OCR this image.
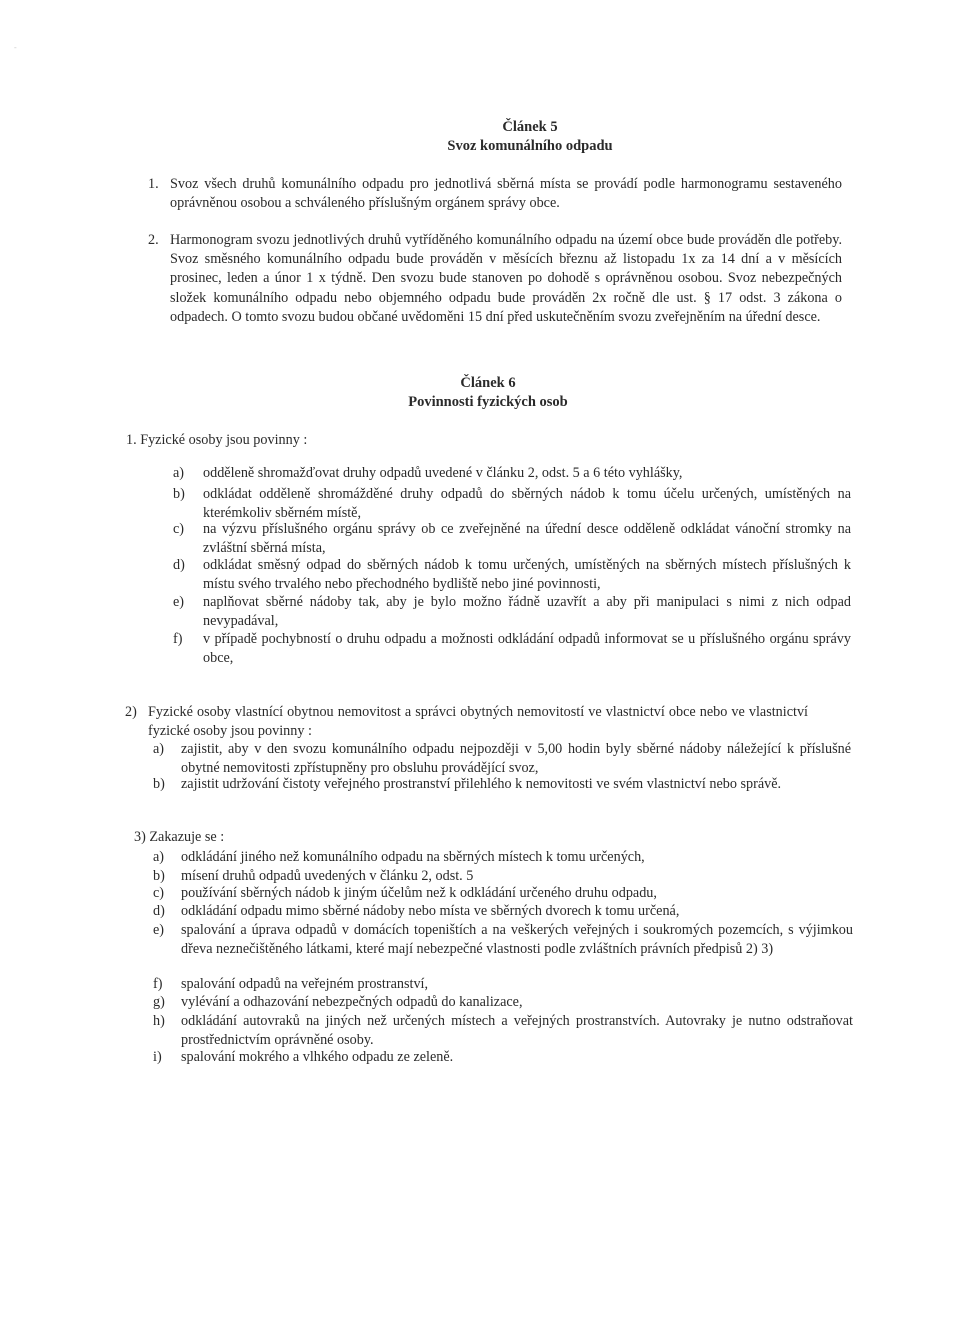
-
Článek 5
Svoz komunálního odpadu
1. Svoz všech druhů komunálního odpadu pro jednotlivá sběrná místa se provádí podle harmonogramu sestaveného oprávněnou osobou a schváleného příslušným orgánem správy obce.
2. Harmonogram svozu jednotlivých druhů vytříděného komunálního odpadu na území obce bude prováděn dle potřeby. Svoz směsného komunálního odpadu bude prováděn v měsících březnu až listopadu 1x za 14 dní a v měsících prosinec, leden a únor 1 x týdně. Den svozu bude stanoven po dohodě s oprávněnou osobou. Svoz nebezpečných složek komunálního odpadu nebo objemného odpadu bude prováděn 2x ročně dle ust. § 17 odst. 3 zákona o odpadech. O tomto svozu budou občané uvědoměni 15 dní před uskutečněním svozu zveřejněním na úřední desce.
Článek 6
Povinnosti fyzických osob
1. Fyzické osoby jsou povinny :
a) odděleně shromažďovat druhy odpadů uvedené v článku 2, odst. 5 a 6 této vyhlášky,
b) odkládat odděleně shromážděné druhy odpadů do sběrných nádob k tomu účelu určených, umístěných na kterémkoliv sběrném místě,
c) na výzvu příslušného orgánu správy ob ce zveřejněné na úřední desce odděleně odkládat vánoční stromky na zvláštní sběrná místa,
d) odkládat směsný odpad do sběrných nádob k tomu určených, umístěných na sběrných místech příslušných k místu svého trvalého nebo přechodného bydliště nebo jiné povinnosti,
e) naplňovat sběrné nádoby tak, aby je bylo možno řádně uzavřít a aby při manipulaci s nimi z nich odpad nevypadával,
f) v případě pochybností o druhu odpadu a možnosti odkládání odpadů informovat se u příslušného orgánu správy obce,
2) Fyzické osoby vlastnící obytnou nemovitost a správci obytných nemovitostí ve vlastnictví obce nebo ve vlastnictví fyzické osoby jsou povinny :
a) zajistit, aby v den svozu komunálního odpadu nejpozději v 5,00 hodin byly sběrné nádoby náležející k příslušné obytné nemovitosti zpřístupněny pro obsluhu provádějící svoz,
b) zajistit udržování čistoty veřejného prostranství přilehlého k nemovitosti ve svém vlastnictví nebo správě.
3) Zakazuje se :
a) odkládání jiného než komunálního odpadu na sběrných místech k tomu určených,
b) mísení druhů odpadů uvedených v článku 2, odst. 5
c) používání sběrných nádob k jiným účelům než k odkládání určeného druhu odpadu,
d) odkládání odpadu mimo sběrné nádoby nebo místa ve sběrných dvorech k tomu určená,
e) spalování a úprava odpadů v domácích topeništích a na veškerých veřejných i soukromých pozemcích, s výjimkou dřeva neznečištěného látkami, které mají nebezpečné vlastnosti podle zvláštních právních předpisů 2) 3)
f) spalování odpadů na veřejném prostranství,
g) vylévání a odhazování nebezpečných odpadů do kanalizace,
h) odkládání autovraků na jiných než určených místech a veřejných prostranstvích. Autovraky je nutno odstraňovat prostřednictvím oprávněné osoby.
i) spalování mokrého a vlhkého odpadu ze zeleně.
